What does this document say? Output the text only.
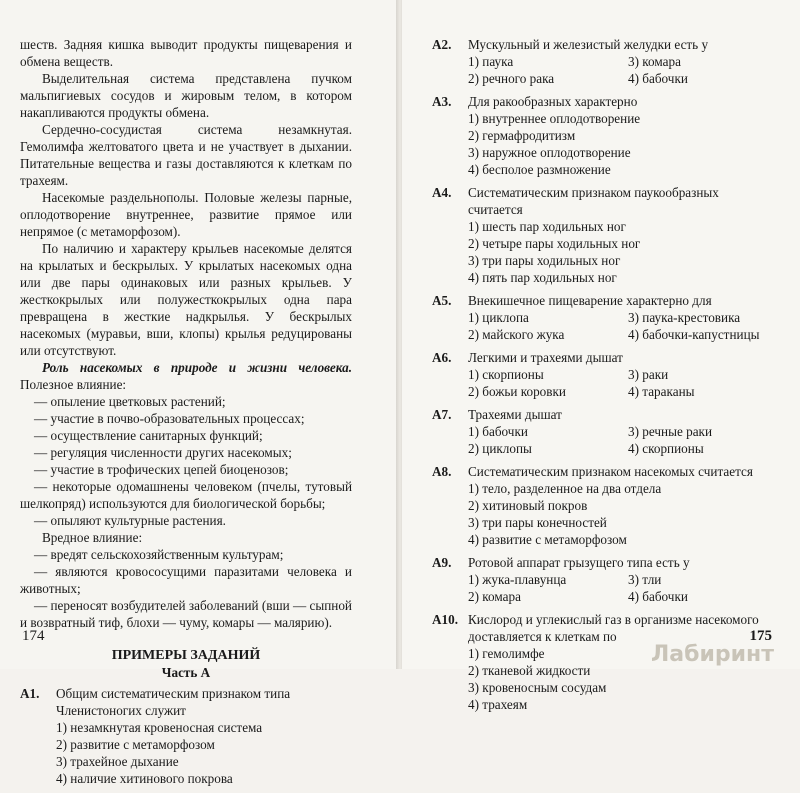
шеств. Задняя кишка выводит продукты пищеварения и обмена веществ.

Выделительная система представлена пучком мальпигиевых сосудов и жировым телом, в котором накапливаются продукты обмена.

Сердечно-сосудистая система незамкнутая. Гемолимфа желтоватого цвета и не участвует в дыхании. Питательные вещества и газы доставляются к клеткам по трахеям.

Насекомые раздельнополы. Половые железы парные, оплодотворение внутреннее, развитие прямое или непрямое (с метаморфозом).

По наличию и характеру крыльев насекомые делятся на крылатых и бескрылых. У крылатых насекомых одна или две пары одинаковых или разных крыльев. У жесткокрылых или полужесткокрылых одна пара превращена в жесткие надкрылья. У бескрылых насекомых (муравьи, вши, клопы) крылья редуцированы или отсутствуют.

Роль насекомых в природе и жизни человека. Полезное влияние:

— опыление цветковых растений;

— участие в почво-образовательных процессах;

— осуществление санитарных функций;

— регуляция численности других насекомых;

— участие в трофических цепей биоценозов;

— некоторые одомашнены человеком (пчелы, тутовый шелкопряд) используются для биологической борьбы;

— опыляют культурные растения.

Вредное влияние:

— вредят сельскохозяйственным культурам;

— являются кровососущими паразитами человека и животных;

— переносят возбудителей заболеваний (вши — сыпной и возвратный тиф, блохи — чуму, комары — малярию).

ПРИМЕРЫ ЗАДАНИЙ
Часть А
А1.	Общим систематическим признаком типа Членистоногих служит
1) незамкнутая кровеносная система
2) развитие с метаморфозом
3) трахейное дыхание
4) наличие хитинового покрова
174
А2.	Мускульный и железистый желудки есть у
1) паука	3) комара
2) речного рака	4) бабочки
А3.	Для ракообразных характерно
1) внутреннее оплодотворение
2) гермафродитизм
3) наружное оплодотворение
4) бесполое размножение
А4.	Систематическим признаком паукообразных считается
1) шесть пар ходильных ног
2) четыре пары ходильных ног
3) три пары ходильных ног
4) пять пар ходильных ног
А5.	Внекишечное пищеварение характерно для
1) циклопа	3) паука-крестовика
2) майского жука	4) бабочки-капустницы
А6.	Легкими и трахеями дышат
1) скорпионы	3) раки
2) божьи коровки	4) тараканы
А7.	Трахеями дышат
1) бабочки	3) речные раки
2) циклопы	4) скорпионы
А8.	Систематическим признаком насекомых считается
1) тело, разделенное на два отдела
2) хитиновый покров
3) три пары конечностей
4) развитие с метаморфозом
А9.	Ротовой аппарат грызущего типа есть у
1) жука-плавунца	3) тли
2) комара	4) бабочки
А10. Кислород и углекислый газ в организме насекомого доставляется к клеткам по
1) гемолимфе
2) тканевой жидкости
3) кровеносным сосудам
4) трахеям
175
Лабиринт
